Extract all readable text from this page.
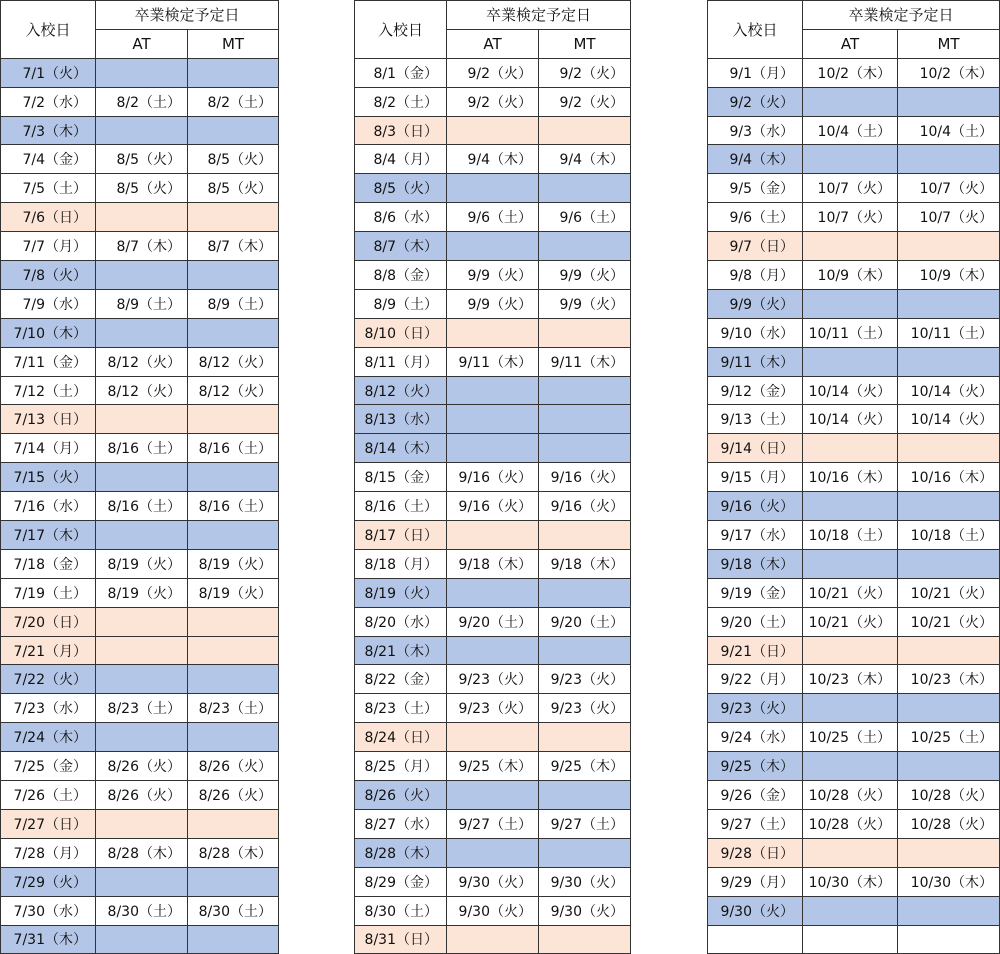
入校日	卒業検定予定日	
	AT	MT
7/1（火）		
7/2（水）	8/2（土）	8/2（土）
7/3（木）		
7/4（金）	8/5（火）	8/5（火）
7/5（土）	8/5（火）	8/5（火）
7/6（日）		
7/7（月）	8/7（木）	8/7（木）
7/8（火）		
7/9（水）	8/9（土）	8/9（土）
7/10（木）		
7/11（金）	8/12（火）	8/12（火）
7/12（土）	8/12（火）	8/12（火）
7/13（日）		
7/14（月）	8/16（土）	8/16（土）
7/15（火）		
7/16（水）	8/16（土）	8/16（土）
7/17（木）		
7/18（金）	8/19（火）	8/19（火）
7/19（土）	8/19（火）	8/19（火）
7/20（日）		
7/21（月）		
7/22（火）		
7/23（水）	8/23（土）	8/23（土）
7/24（木）		
7/25（金）	8/26（火）	8/26（火）
7/26（土）	8/26（火）	8/26（火）
7/27（日）		
7/28（月）	8/28（木）	8/28（木）
7/29（火）		
7/30（水）	8/30（土）	8/30（土）
7/31（木）		
入校日	卒業検定予定日	
	AT	MT
8/1（金）	9/2（火）	9/2（火）
8/2（土）	9/2（火）	9/2（火）
8/3（日）		
8/4（月）	9/4（木）	9/4（木）
8/5（火）		
8/6（水）	9/6（土）	9/6（土）
8/7（木）		
8/8（金）	9/9（火）	9/9（火）
8/9（土）	9/9（火）	9/9（火）
8/10（日）		
8/11（月）	9/11（木）	9/11（木）
8/12（火）		
8/13（水）		
8/14（木）		
8/15（金）	9/16（火）	9/16（火）
8/16（土）	9/16（火）	9/16（火）
8/17（日）		
8/18（月）	9/18（木）	9/18（木）
8/19（火）		
8/20（水）	9/20（土）	9/20（土）
8/21（木）		
8/22（金）	9/23（火）	9/23（火）
8/23（土）	9/23（火）	9/23（火）
8/24（日）		
8/25（月）	9/25（木）	9/25（木）
8/26（火）		
8/27（水）	9/27（土）	9/27（土）
8/28（木）		
8/29（金）	9/30（火）	9/30（火）
8/30（土）	9/30（火）	9/30（火）
8/31（日）		
入校日	卒業検定予定日	
	AT	MT
9/1（月）	10/2（木）	10/2（木）
9/2（火）		
9/3（水）	10/4（土）	10/4（土）
9/4（木）		
9/5（金）	10/7（火）	10/7（火）
9/6（土）	10/7（火）	10/7（火）
9/7（日）		
9/8（月）	10/9（木）	10/9（木）
9/9（火）		
9/10（水）	10/11（土）	10/11（土）
9/11（木）		
9/12（金）	10/14（火）	10/14（火）
9/13（土）	10/14（火）	10/14（火）
9/14（日）		
9/15（月）	10/16（木）	10/16（木）
9/16（火）		
9/17（水）	10/18（土）	10/18（土）
9/18（木）		
9/19（金）	10/21（火）	10/21（火）
9/20（土）	10/21（火）	10/21（火）
9/21（日）		
9/22（月）	10/23（木）	10/23（木）
9/23（火）		
9/24（水）	10/25（土）	10/25（土）
9/25（木）		
9/26（金）	10/28（火）	10/28（火）
9/27（土）	10/28（火）	10/28（火）
9/28（日）		
9/29（月）	10/30（木）	10/30（木）
9/30（火）		
